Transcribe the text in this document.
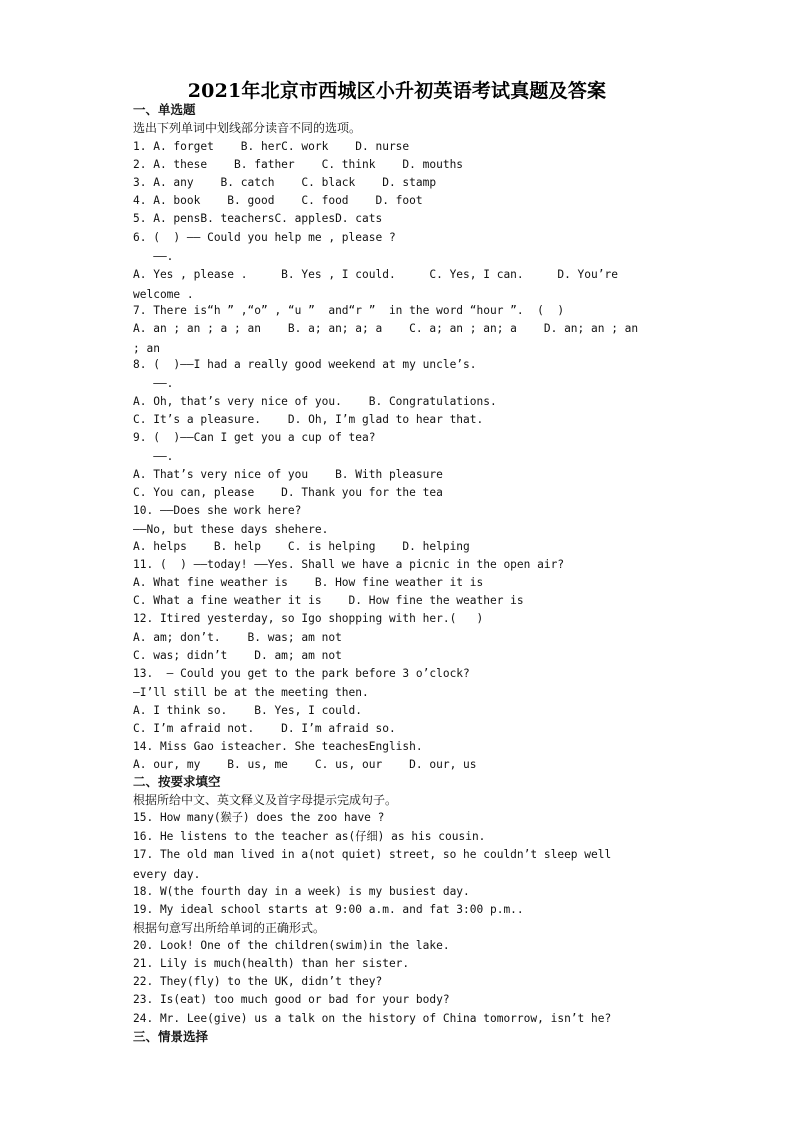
2021年北京市西城区小升初英语考试真题及答案
一、单选题
选出下列单词中划线部分读音不同的选项。
1. A. forget    B. herC. work    D. nurse
2. A. these    B. father    C. think    D. mouths
3. A. any    B. catch    C. black    D. stamp
4. A. book    B. good    C. food    D. foot
5. A. pensB. teachersC. applesD. cats
6. (  ) —— Could you help me , please ?
——.
A. Yes , please .     B. Yes , I could.     C. Yes, I can.     D. You’re
welcome .
7. There is“h ” ,“o” , “u ”  and“r ”  in the word “hour ”.  (  )
A. an ; an ; a ; an    B. a; an; a; a    C. a; an ; an; a    D. an; an ; an
; an
8. (  )——I had a really good weekend at my uncle’s.
——.
A. Oh, that’s very nice of you.    B. Congratulations.
C. It’s a pleasure.    D. Oh, I’m glad to hear that.
9. (  )——Can I get you a cup of tea?
——.
A. That’s very nice of you    B. With pleasure
C. You can, please    D. Thank you for the tea
10. ——Does she work here?
——No, but these days shehere.
A. helps    B. help    C. is helping    D. helping
11. (  ) ——today! ——Yes. Shall we have a picnic in the open air?
A. What fine weather is    B. How fine weather it is
C. What a fine weather it is    D. How fine the weather is
12. Itired yesterday, so Igo shopping with her.(   )
A. am; don’t.    B. was; am not
C. was; didn’t    D. am; am not
13.  — Could you get to the park before 3 o’clock?
—I’ll still be at the meeting then.
A. I think so.    B. Yes, I could.
C. I’m afraid not.    D. I’m afraid so.
14. Miss Gao isteacher. She teachesEnglish.
A. our, my    B. us, me    C. us, our    D. our, us
二、按要求填空
根据所给中文、英文释义及首字母提示完成句子。
15. How many(猴子) does the zoo have ?
16. He listens to the teacher as(仔细) as his cousin.
17. The old man lived in a(not quiet) street, so he couldn’t sleep well
every day.
18. W(the fourth day in a week) is my busiest day.
19. My ideal school starts at 9:00 a.m. and fat 3:00 p.m..
根据句意写出所给单词的正确形式。
20. Look! One of the children(swim)in the lake.
21. Lily is much(health) than her sister.
22. They(fly) to the UK, didn’t they?
23. Is(eat) too much good or bad for your body?
24. Mr. Lee(give) us a talk on the history of China tomorrow, isn’t he?
三、情景选择
